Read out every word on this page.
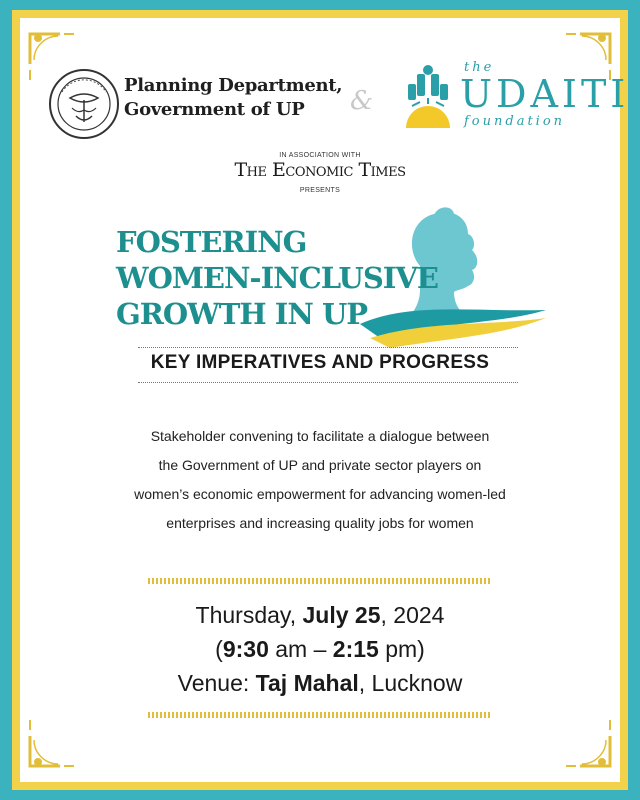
Planning Department,
Government of UP	&
the
UDAITI
foundation
IN ASSOCIATION WITH
The Economic Times
PRESENTS
FOSTERING
WOMEN-INCLUSIVE
GROWTH IN UP
KEY IMPERATIVES AND PROGRESS
Stakeholder convening to facilitate a dialogue between
the Government of UP and private sector players on
women’s economic empowerment for advancing women-led
enterprises and increasing quality jobs for women
Thursday, July 25, 2024
(9:30 am – 2:15 pm)
Venue: Taj Mahal, Lucknow
